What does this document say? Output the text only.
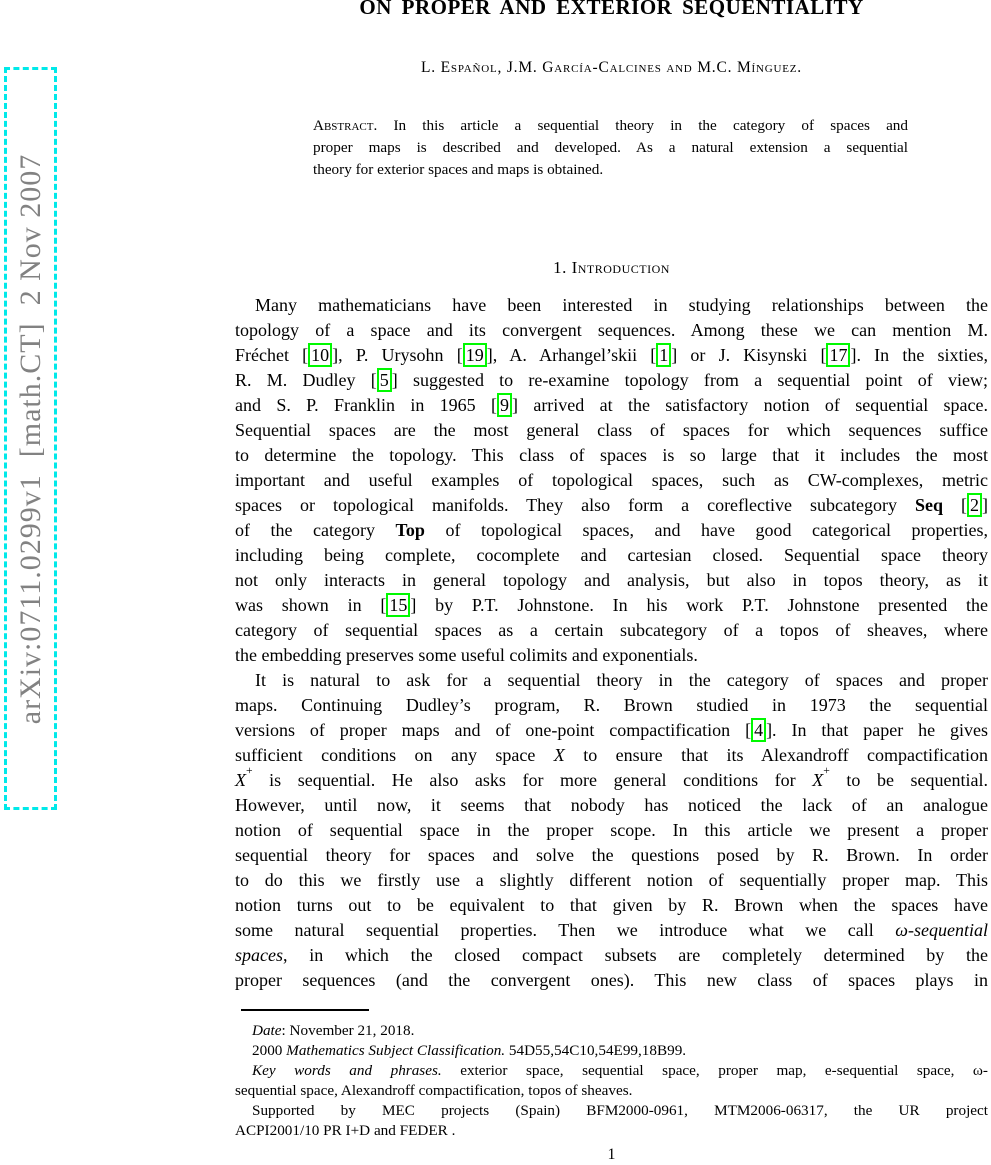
arXiv:0711.0299v1  [math.CT]  2 Nov 2007
ON PROPER AND EXTERIOR SEQUENTIALITY
L. Español, J.M. García-Calcines and M.C. Mínguez.
Abstract. In this article a sequential theory in the category of spaces and
proper maps is described and developed. As a natural extension a sequential
theory for exterior spaces and maps is obtained.
1. Introduction
Many mathematicians have been interested in studying relationships between the
topology of a space and its convergent sequences. Among these we can mention M.
Fréchet [ 10 ], P. Urysohn [ 19 ], A. Arhangel’skii [ 1 ] or J. Kisynski [ 17 ]. In the sixties,
R. M. Dudley [ 5 ] suggested to re-examine topology from a sequential point of view;
and S. P. Franklin in 1965 [ 9 ] arrived at the satisfactory notion of sequential space.
Sequential spaces are the most general class of spaces for which sequences suffice
to determine the topology. This class of spaces is so large that it includes the most
important and useful examples of topological spaces, such as CW-complexes, metric
spaces or topological manifolds. They also form a coreflective subcategory Seq [ 2 ]
of the category Top of topological spaces, and have good categorical properties,
including being complete, cocomplete and cartesian closed. Sequential space theory
not only interacts in general topology and analysis, but also in topos theory, as it
was shown in [ 15 ] by P.T. Johnstone. In his work P.T. Johnstone presented the
category of sequential spaces as a certain subcategory of a topos of sheaves, where
the embedding preserves some useful colimits and exponentials.
It is natural to ask for a sequential theory in the category of spaces and proper
maps. Continuing Dudley’s program, R. Brown studied in 1973 the sequential
versions of proper maps and of one-point compactification [ 4 ]. In that paper he gives
sufficient conditions on any space X to ensure that its Alexandroff compactification
X+ is sequential. He also asks for more general conditions for X+ to be sequential.
However, until now, it seems that nobody has noticed the lack of an analogue
notion of sequential space in the proper scope. In this article we present a proper
sequential theory for spaces and solve the questions posed by R. Brown. In order
to do this we firstly use a slightly different notion of sequentially proper map. This
notion turns out to be equivalent to that given by R. Brown when the spaces have
some natural sequential properties. Then we introduce what we call ω-sequential
spaces, in which the closed compact subsets are completely determined by the
proper sequences (and the convergent ones). This new class of spaces plays in
Date: November 21, 2018.
2000 Mathematics Subject Classification. 54D55,54C10,54E99,18B99.
Key words and phrases. exterior space, sequential space, proper map, e-sequential space, ω-
sequential space, Alexandroff compactification, topos of sheaves.
Supported by MEC projects (Spain) BFM2000-0961, MTM2006-06317, the UR project
ACPI2001/10 PR I+D and FEDER .
1
